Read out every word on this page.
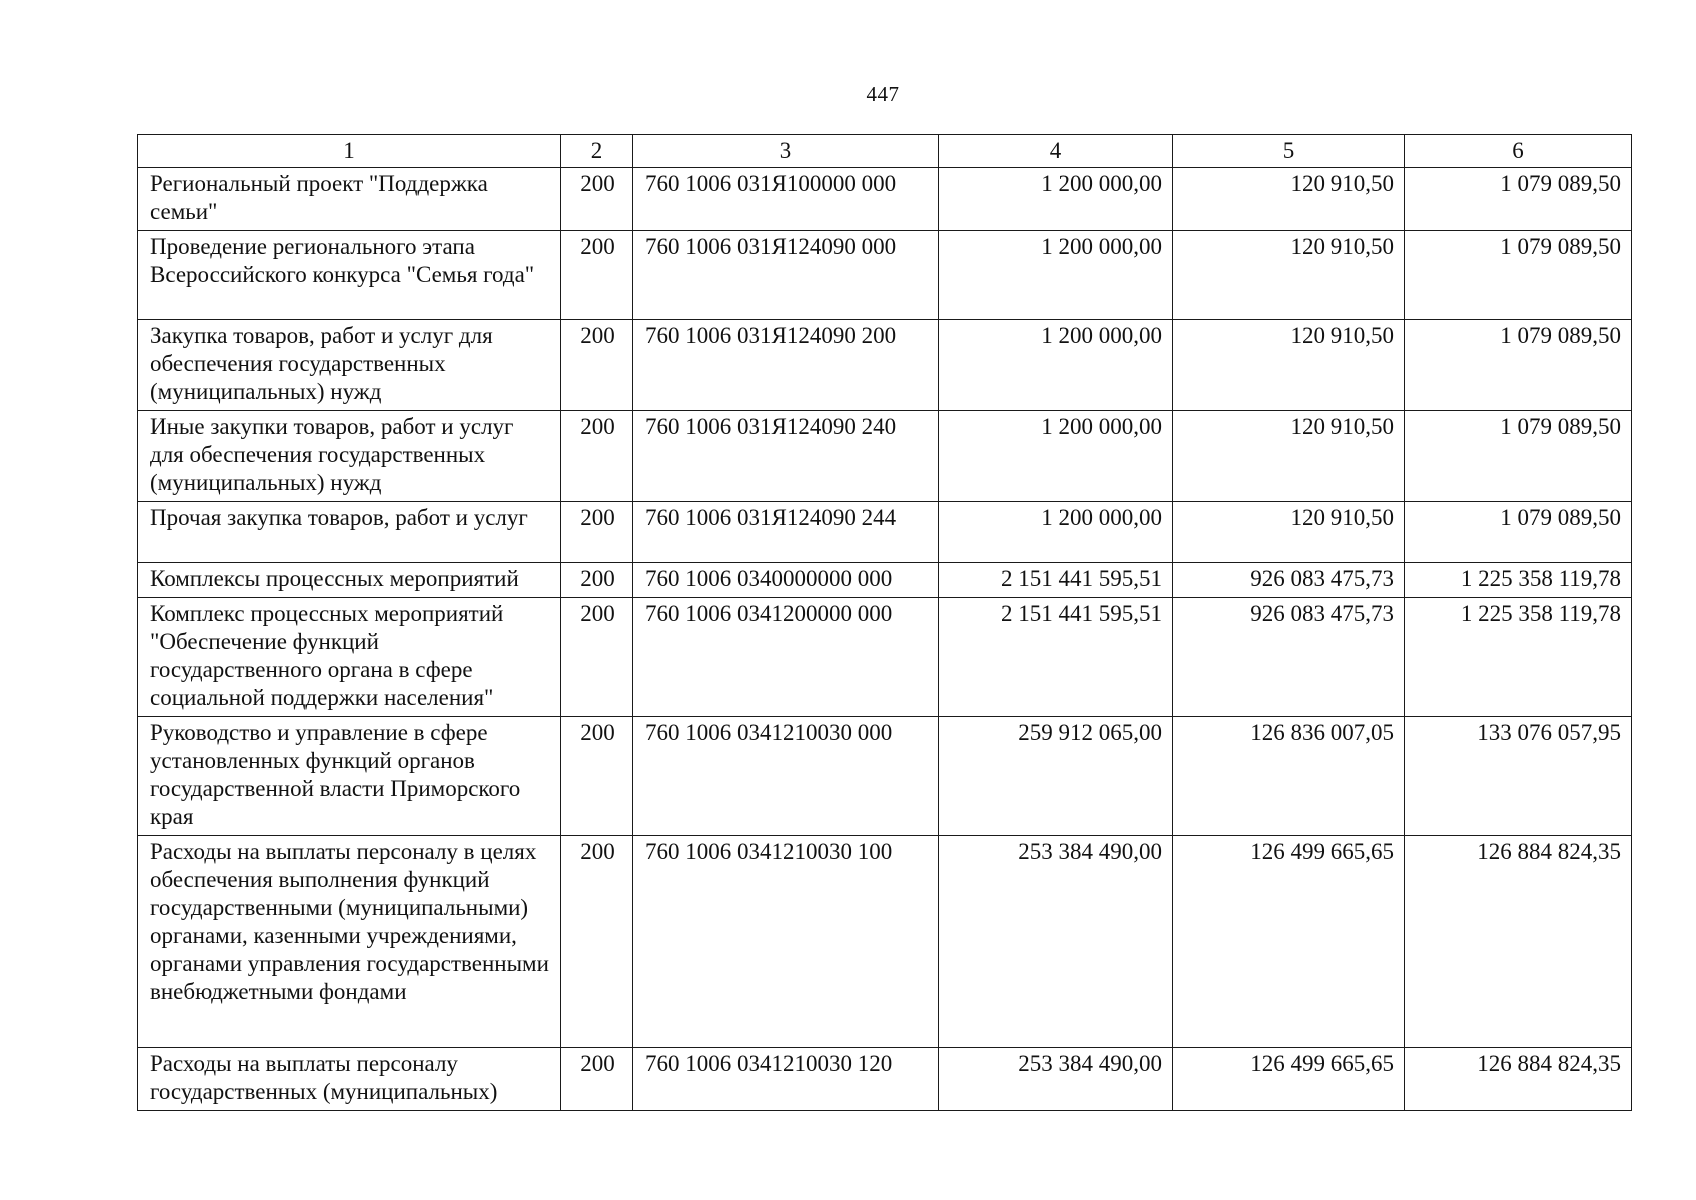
447
1	2	3	4	5	6
Региональный проект "Поддержка семьи"	200	760 1006 031Я100000 000	1 200 000,00	120 910,50	1 079 089,50
Проведение регионального этапа Всероссийского конкурса "Семья года"	200	760 1006 031Я124090 000	1 200 000,00	120 910,50	1 079 089,50
Закупка товаров, работ и услуг для обеспечения государственных (муниципальных) нужд	200	760 1006 031Я124090 200	1 200 000,00	120 910,50	1 079 089,50
Иные закупки товаров, работ и услуг для обеспечения государственных (муниципальных) нужд	200	760 1006 031Я124090 240	1 200 000,00	120 910,50	1 079 089,50
Прочая закупка товаров, работ и услуг	200	760 1006 031Я124090 244	1 200 000,00	120 910,50	1 079 089,50
Комплексы процессных мероприятий	200	760 1006 0340000000 000	2 151 441 595,51	926 083 475,73	1 225 358 119,78
Комплекс процессных мероприятий "Обеспечение функций государственного органа в сфере социальной поддержки населения"	200	760 1006 0341200000 000	2 151 441 595,51	926 083 475,73	1 225 358 119,78
Руководство и управление в сфере установленных функций органов государственной власти Приморского края	200	760 1006 0341210030 000	259 912 065,00	126 836 007,05	133 076 057,95
Расходы на выплаты персоналу в целях обеспечения выполнения функций государственными (муниципальными) органами, казенными учреждениями, органами управления государственными внебюджетными фондами	200	760 1006 0341210030 100	253 384 490,00	126 499 665,65	126 884 824,35
Расходы на выплаты персоналу государственных (муниципальных)	200	760 1006 0341210030 120	253 384 490,00	126 499 665,65	126 884 824,35
